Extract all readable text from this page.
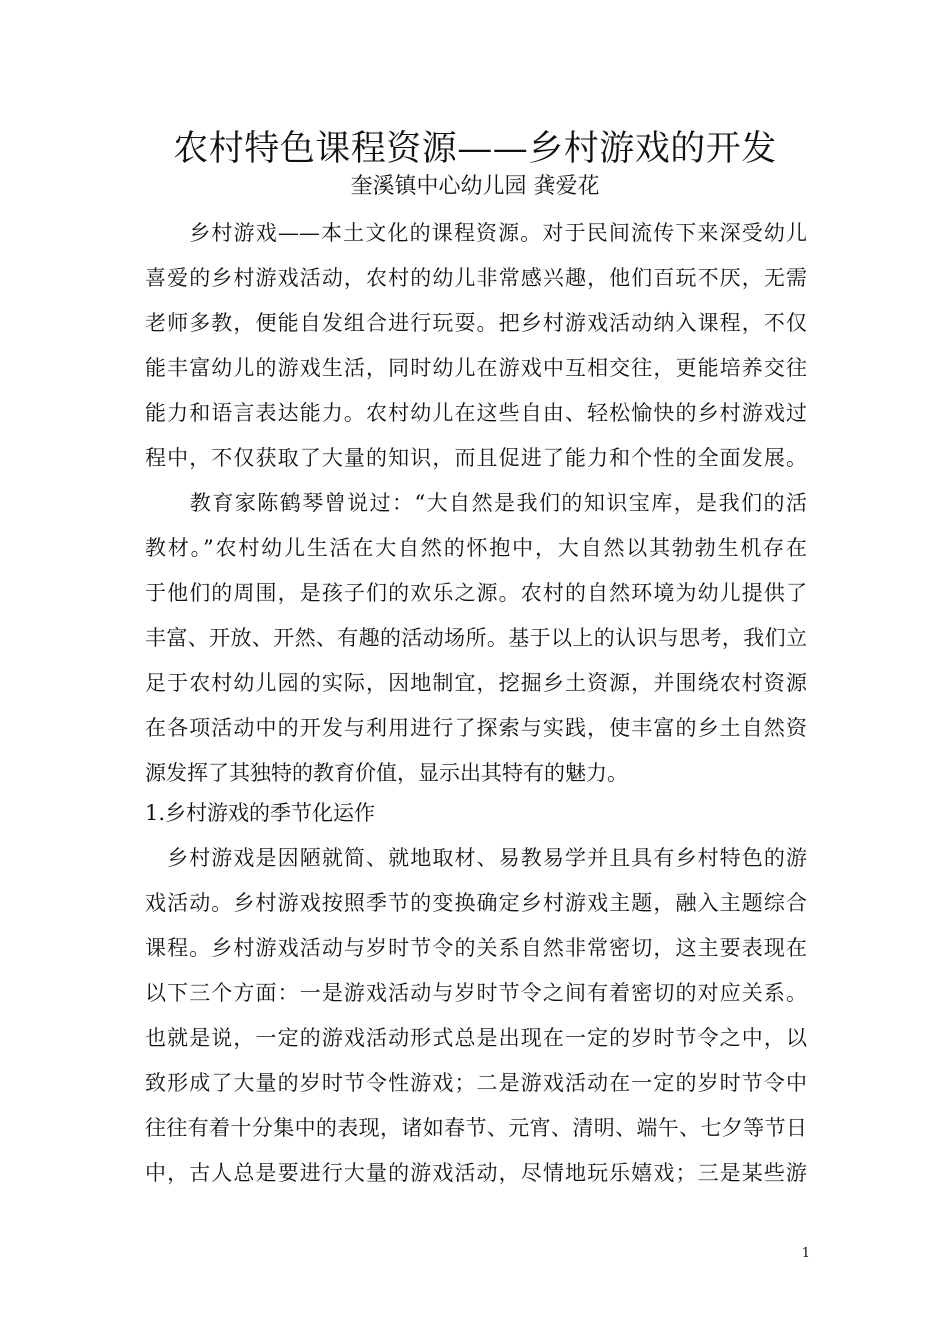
农村特色课程资源——乡村游戏的开发
奎溪镇中心幼儿园 龚爱花
　　乡村游戏——本土文化的课程资源。对于民间流传下来深受幼儿
喜爱的乡村游戏活动，农村的幼儿非常感兴趣，他们百玩不厌，无需
老师多教，便能自发组合进行玩耍。把乡村游戏活动纳入课程，不仅
能丰富幼儿的游戏生活，同时幼儿在游戏中互相交往，更能培养交往
能力和语言表达能力。农村幼儿在这些自由、轻松愉快的乡村游戏过
程中，不仅获取了大量的知识，而且促进了能力和个性的全面发展。
　　教育家陈鹤琴曾说过：“大自然是我们的知识宝库，是我们的活
教材。”农村幼儿生活在大自然的怀抱中，大自然以其勃勃生机存在
于他们的周围，是孩子们的欢乐之源。农村的自然环境为幼儿提供了
丰富、开放、开然、有趣的活动场所。基于以上的认识与思考，我们立
足于农村幼儿园的实际，因地制宜，挖掘乡土资源，并围绕农村资源
在各项活动中的开发与利用进行了探索与实践，使丰富的乡土自然资
源发挥了其独特的教育价值，显示出其特有的魅力。
1.乡村游戏的季节化运作
　乡村游戏是因陋就简、就地取材、易教易学并且具有乡村特色的游
戏活动。乡村游戏按照季节的变换确定乡村游戏主题，融入主题综合
课程。乡村游戏活动与岁时节令的关系自然非常密切，这主要表现在
以下三个方面：一是游戏活动与岁时节令之间有着密切的对应关系。
也就是说，一定的游戏活动形式总是出现在一定的岁时节令之中，以
致形成了大量的岁时节令性游戏；二是游戏活动在一定的岁时节令中
往往有着十分集中的表现，诸如春节、元宵、清明、端午、七夕等节日
中，古人总是要进行大量的游戏活动，尽情地玩乐嬉戏；三是某些游
1
